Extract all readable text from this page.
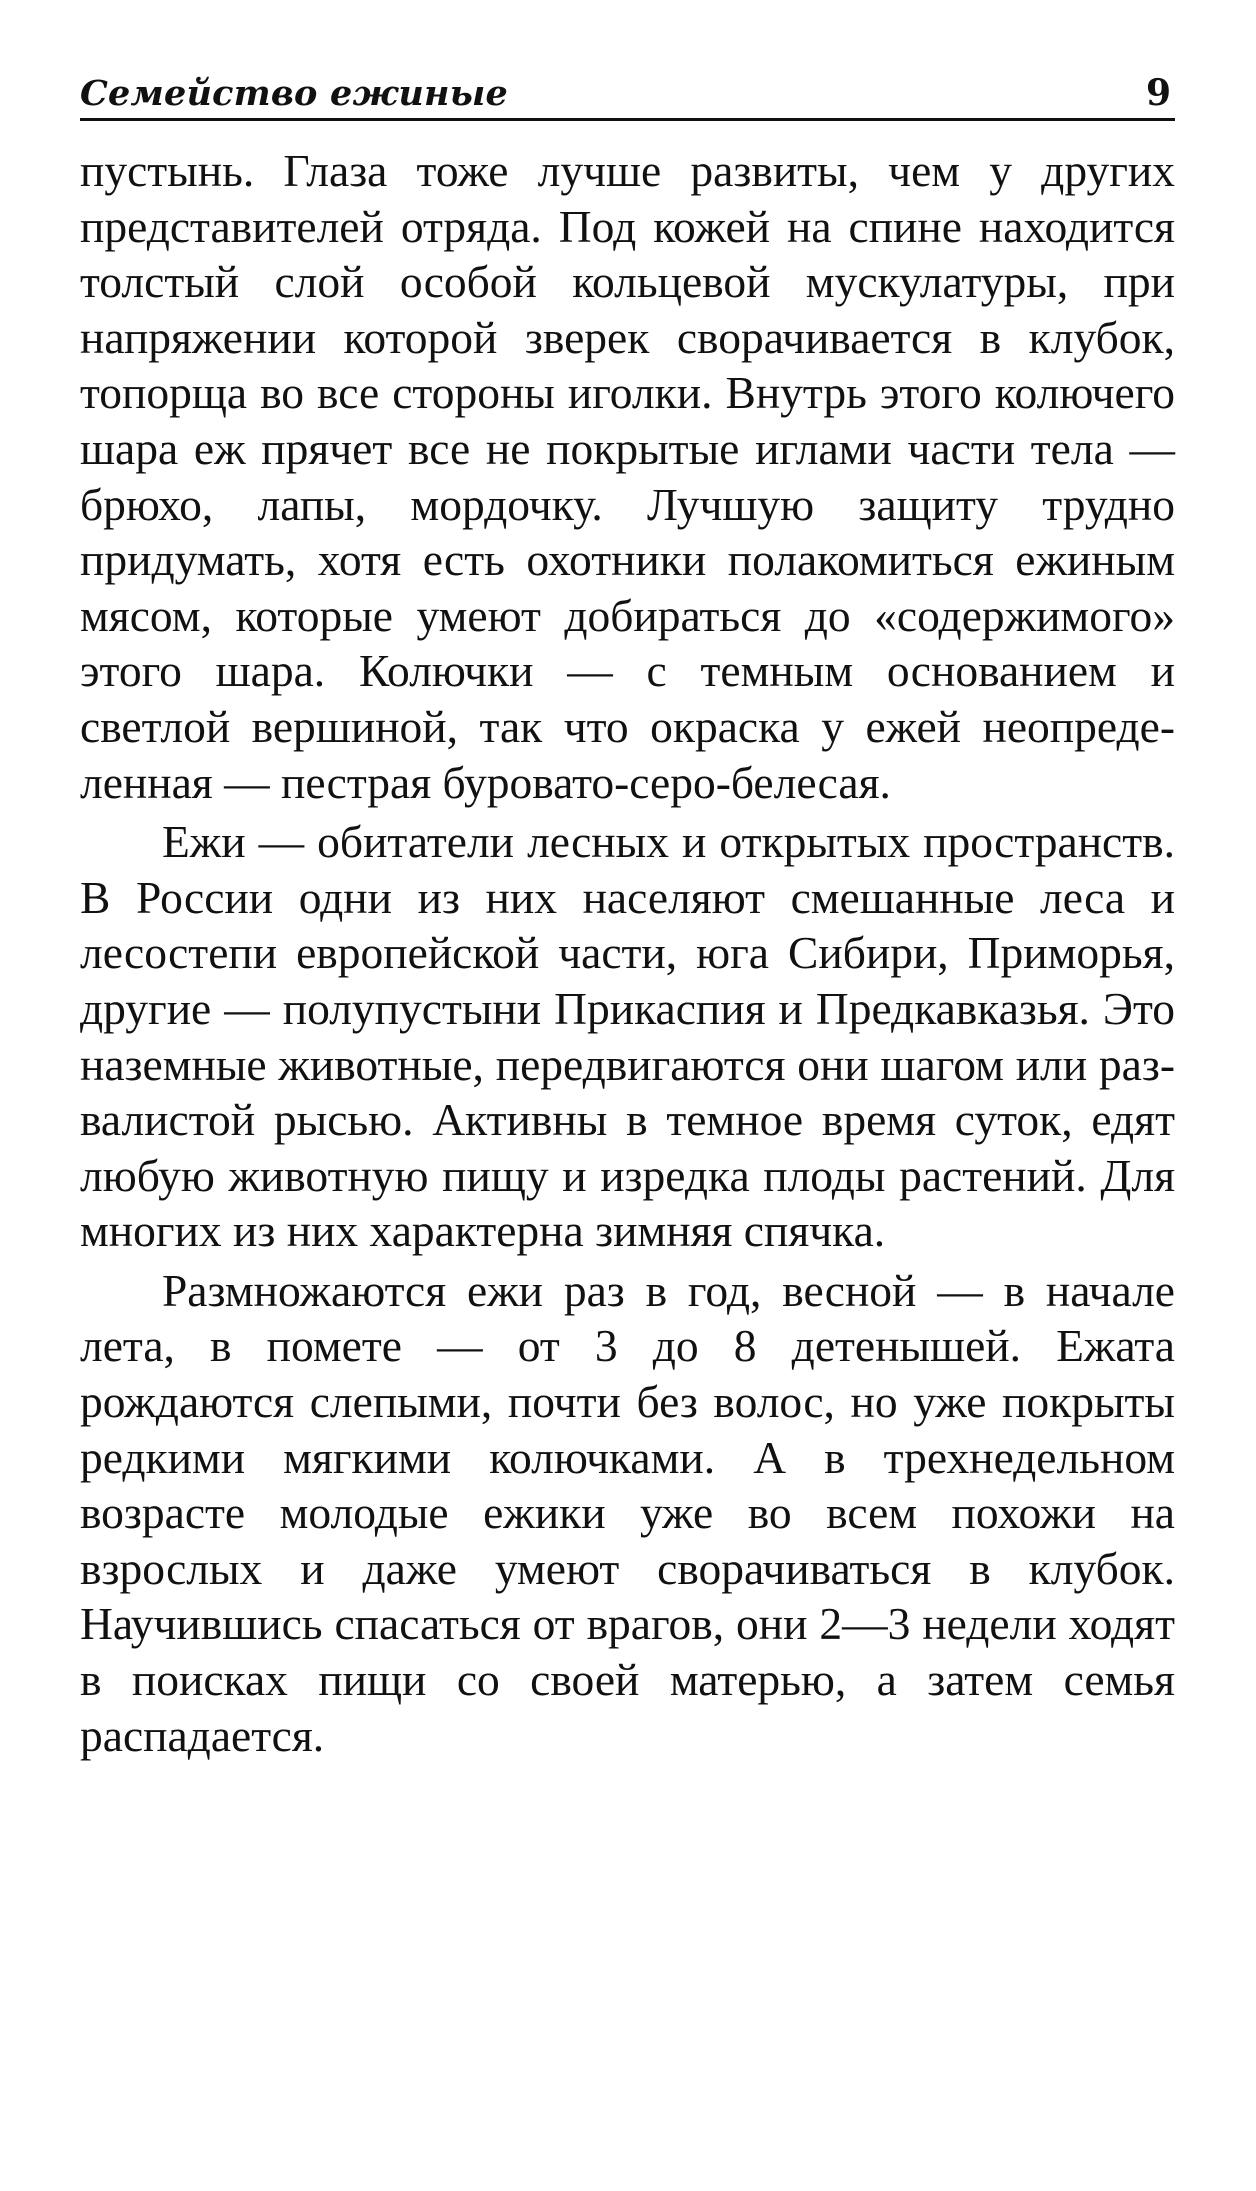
Семейство ежиные	9

пустынь. Глаза тоже лучше развиты, чем у других представителей отряда. Под кожей на спине находится толстый слой особой кольцевой мускулатуры, при напряжении которой зверек сворачивается в клубок, топорща во все стороны иголки. Внутрь этого колючего шара еж прячет все не покрытые иглами части тела — брюхо, лапы, мордочку. Лучшую защиту трудно придумать, хотя есть охотники полакомиться ежиным мясом, которые умеют добираться до «содержимого» этого шара. Колючки — с темным основанием и светлой вершиной, так что окраска у ежей неопределенная — пестрая буровато-серо-белесая.

Ежи — обитатели лесных и открытых пространств. В России одни из них населяют смешанные леса и лесостепи европейской части, юга Сибири, Приморья, другие — полупустыни Прикаспия и Предкавказья. Это наземные животные, передвигаются они шагом или развалистой рысью. Активны в темное время суток, едят любую животную пищу и изредка плоды растений. Для многих из них характерна зимняя спячка.

Размножаются ежи раз в год, весной — в начале лета, в помете — от 3 до 8 детенышей. Ежата рождаются слепыми, почти без волос, но уже покрыты редкими мягкими колючками. А в трехнедельном возрасте молодые ежики уже во всем похожи на взрослых и даже умеют сворачиваться в клубок. Научившись спасаться от врагов, они 2—3 недели ходят в поисках пищи со своей матерью, а затем семья распадается.
